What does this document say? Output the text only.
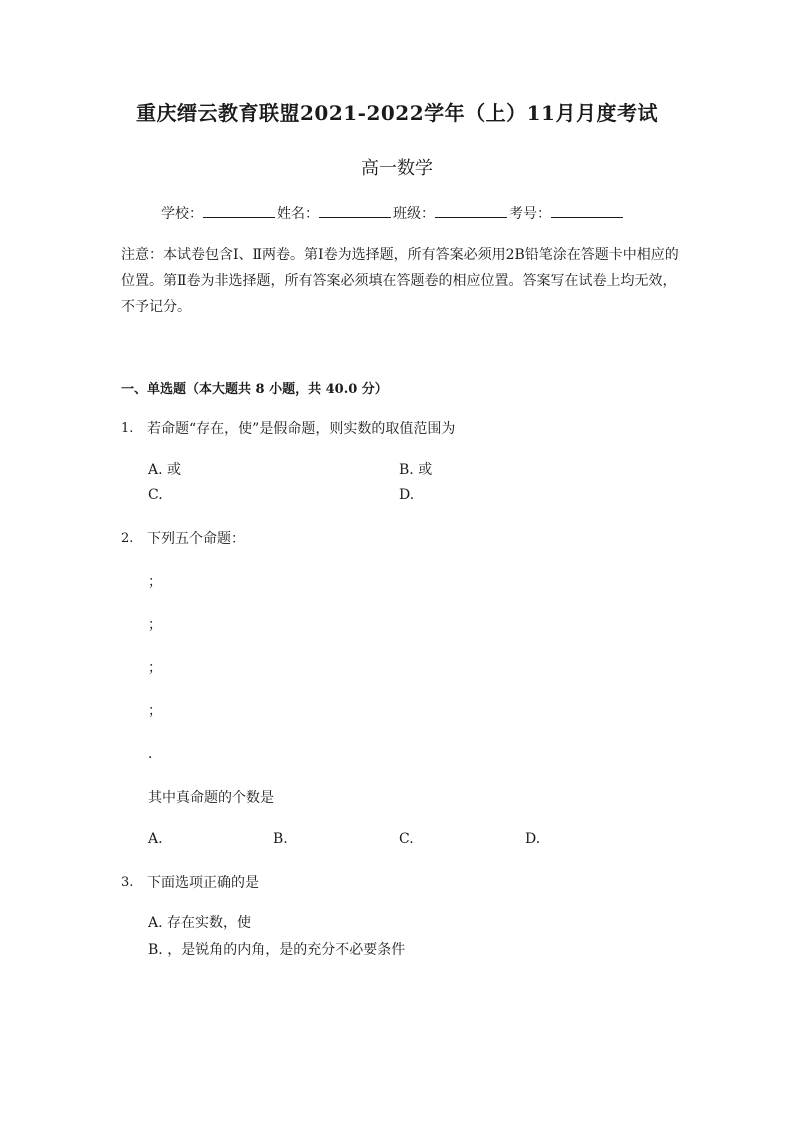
重庆缙云教育联盟2021-2022学年（上）11月月度考试
高一数学
学校：	姓名：	班级：	考号：
注意：本试卷包含Ⅰ、Ⅱ两卷。第Ⅰ卷为选择题，所有答案必须用2B铅笔涂在答题卡中相应的位置。第Ⅱ卷为非选择题，所有答案必须填在答题卷的相应位置。答案写在试卷上均无效，不予记分。
一、单选题（本大题共 8 小题，共 40.0 分）
1. 若命题“存在，使”是假命题，则实数的取值范围为
A. 或	B. 或
C.	D.
2. 下列五个命题：
；
；
；
；
．
其中真命题的个数是
A.	B.	C.	D.
3. 下面选项正确的是
A. 存在实数，使
B. ，是锐角的内角，是的充分不必要条件
